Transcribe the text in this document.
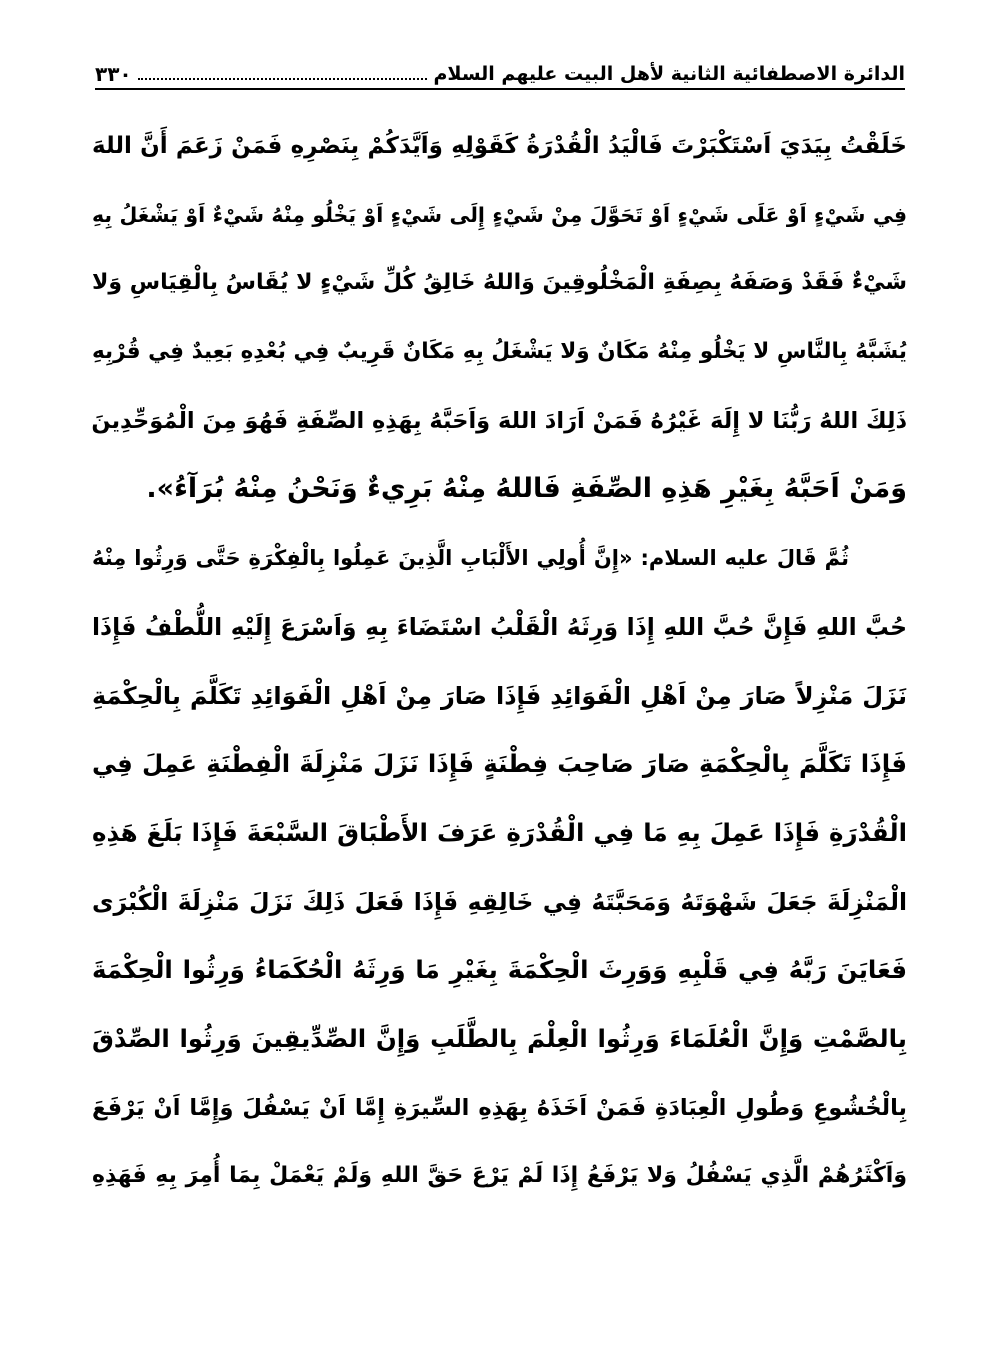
٣٣٠	الدائرة الاصطفائية الثانية لأهل البيت عليهم السلام
خَلَقْتُ بِيَدَيَ اَسْتَكْبَرْتَ فَالْيَدُ الْقُدْرَةُ كَقَوْلِهِ وَاَيَّدَكُمْ بِنَصْرِهِ فَمَنْ زَعَمَ أَنَّ اللهَ
فِي شَيْءٍ اَوْ عَلَى شَيْءٍ اَوْ تَحَوَّلَ مِنْ شَيْءٍ إِلَى شَيْءٍ اَوْ يَخْلُو مِنْهُ شَيْءٌ اَوْ يَشْغَلُ بِهِ
شَيْءٌ فَقَدْ وَصَفَهُ بِصِفَةِ الْمَخْلُوقِينَ وَاللهُ خَالِقُ كُلِّ شَيْءٍ لا يُقَاسُ بِالْقِيَاسِ وَلا
يُشَبَّهُ بِالنَّاسِ لا يَخْلُو مِنْهُ مَكَانٌ وَلا يَشْغَلُ بِهِ مَكَانٌ قَرِيبٌ فِي بُعْدِهِ بَعِيدٌ فِي قُرْبِهِ
ذَلِكَ اللهُ رَبُّنَا لا إِلَهَ غَيْرُهُ فَمَنْ اَرَادَ اللهَ وَاَحَبَّهُ بِهَذِهِ الصِّفَةِ فَهُوَ مِنَ الْمُوَحِّدِينَ
وَمَنْ اَحَبَّهُ بِغَيْرِ هَذِهِ الصِّفَةِ فَاللهُ مِنْهُ بَرِيءٌ وَنَحْنُ مِنْهُ بُرَآءُ».
ثُمَّ قَالَ عليه السلام: «إِنَّ أُولِي الأَلْبَابِ الَّذِينَ عَمِلُوا بِالْفِكْرَةِ حَتَّى وَرِثُوا مِنْهُ
حُبَّ اللهِ فَإِنَّ حُبَّ اللهِ إِذَا وَرِثَهُ الْقَلْبُ اسْتَضَاءَ بِهِ وَاَسْرَعَ إِلَيْهِ اللُّطْفُ فَإِذَا
نَزَلَ مَنْزِلاً صَارَ مِنْ اَهْلِ الْفَوَائِدِ فَإِذَا صَارَ مِنْ اَهْلِ الْفَوَائِدِ تَكَلَّمَ بِالْحِكْمَةِ
فَإِذَا تَكَلَّمَ بِالْحِكْمَةِ صَارَ صَاحِبَ فِطْنَةٍ فَإِذَا نَزَلَ مَنْزِلَةَ الْفِطْنَةِ عَمِلَ فِي
الْقُدْرَةِ فَإِذَا عَمِلَ بِهِ مَا فِي الْقُدْرَةِ عَرَفَ الأَطْبَاقَ السَّبْعَةَ فَإِذَا بَلَغَ هَذِهِ
الْمَنْزِلَةَ جَعَلَ شَهْوَتَهُ وَمَحَبَّتَهُ فِي خَالِقِهِ فَإِذَا فَعَلَ ذَلِكَ نَزَلَ مَنْزِلَةَ الْكُبْرَى
فَعَايَنَ رَبَّهُ فِي قَلْبِهِ وَوَرِثَ الْحِكْمَةَ بِغَيْرِ مَا وَرِثَهُ الْحُكَمَاءُ وَرِثُوا الْحِكْمَةَ
بِالصَّمْتِ وَإِنَّ الْعُلَمَاءَ وَرِثُوا الْعِلْمَ بِالطَّلَبِ وَإِنَّ الصِّدِّيقِينَ وَرِثُوا الصِّدْقَ
بِالْخُشُوعِ وَطُولِ الْعِبَادَةِ فَمَنْ اَخَذَهُ بِهَذِهِ السِّيرَةِ إِمَّا اَنْ يَسْفُلَ وَإِمَّا اَنْ يَرْفَعَ
وَاَكْثَرُهُمْ الَّذِي يَسْفُلُ وَلا يَرْفَعُ إِذَا لَمْ يَرْعَ حَقَّ اللهِ وَلَمْ يَعْمَلْ بِمَا أُمِرَ بِهِ فَهَذِهِ
